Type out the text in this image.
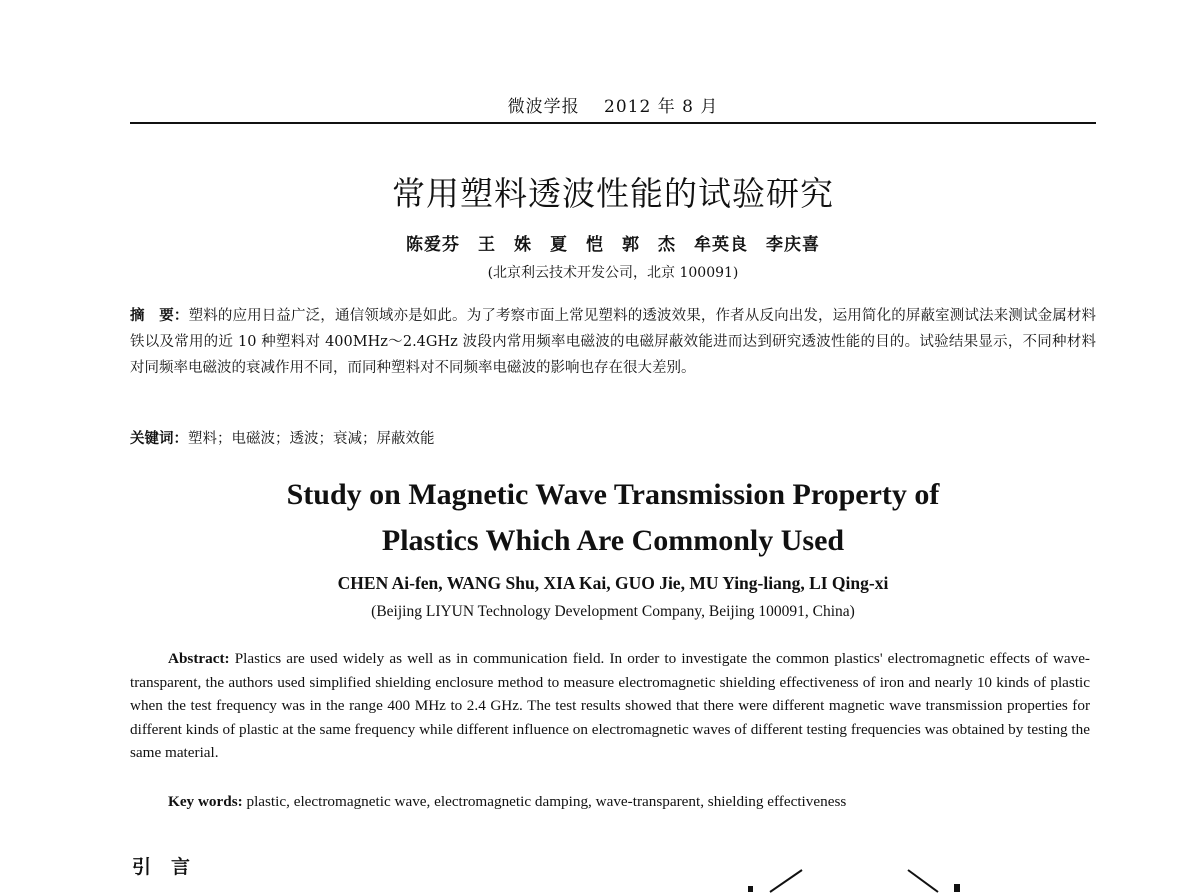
微波学报　 2012 年 8 月
常用塑料透波性能的试验研究
陈爱芬　王　姝　夏　恺　郭　杰　牟英良　李庆喜
(北京利云技术开发公司，北京 100091)
摘　要：塑料的应用日益广泛，通信领域亦是如此。为了考察市面上常见塑料的透波效果，作者从反向出发，运用简化的屏蔽室测试法来测试金属材料铁以及常用的近 10 种塑料对 400MHz～2.4GHz 波段内常用频率电磁波的电磁屏蔽效能进而达到研究透波性能的目的。试验结果显示，不同种材料对同频率电磁波的衰减作用不同，而同种塑料对不同频率电磁波的影响也存在很大差别。
关键词：塑料；电磁波；透波；衰减；屏蔽效能
Study on Magnetic Wave Transmission Property of
Plastics Which Are Commonly Used
CHEN Ai-fen, WANG Shu, XIA Kai, GUO Jie, MU Ying-liang, LI Qing-xi
(Beijing LIYUN Technology Development Company, Beijing 100091, China)
Abstract: Plastics are used widely as well as in communication field. In order to investigate the common plastics' electromagnetic effects of wave-transparent, the authors used simplified shielding enclosure method to measure electromagnetic shielding effectiveness of iron and nearly 10 kinds of plastic when the test frequency was in the range 400 MHz to 2.4 GHz. The test results showed that there were different magnetic wave transmission properties for different kinds of plastic at the same frequency while different influence on electromagnetic waves of different testing frequencies was obtained by testing the same material.
Key words: plastic, electromagnetic wave, electromagnetic damping, wave-transparent, shielding effectiveness
引言
